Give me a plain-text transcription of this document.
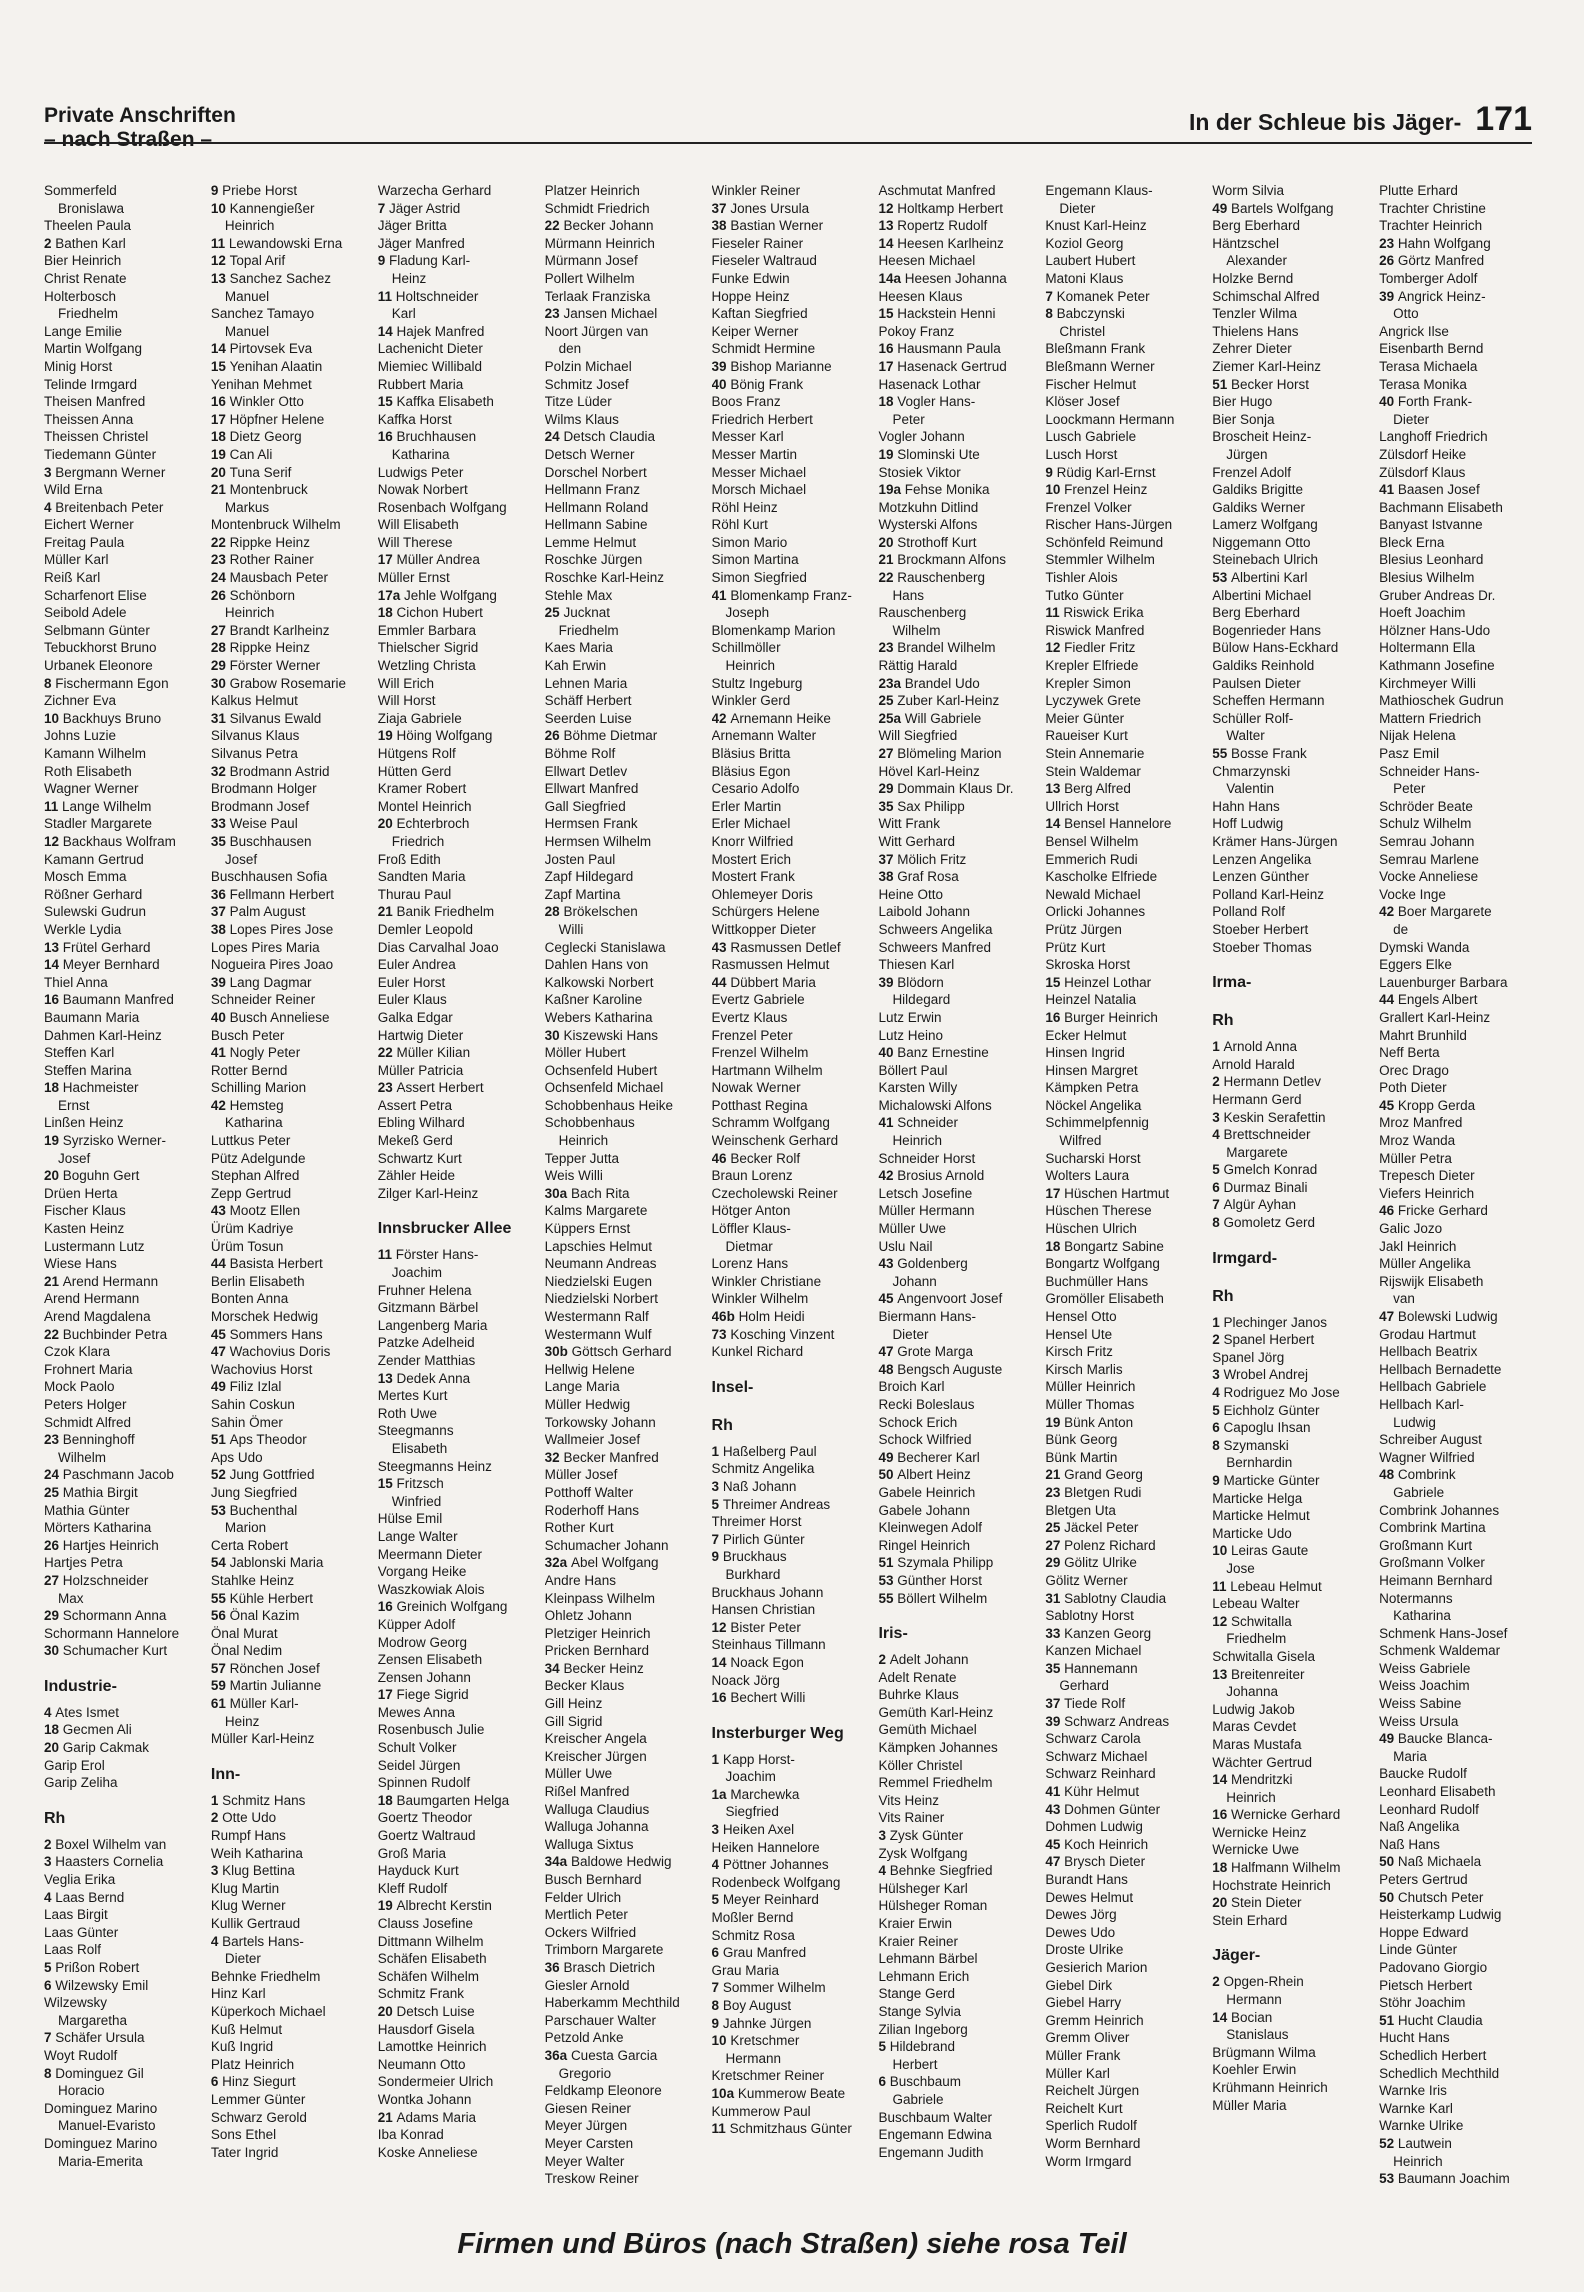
Private Anschriften
– nach Straßen –
In der Schleue bis Jäger- 171
Sommerfeld
Bronislawa
Theelen Paula
2 Bathen Karl
Bier Heinrich
Christ Renate
Holterbosch
Friedhelm
Lange Emilie
Martin Wolfgang
Minig Horst
Telinde Irmgard
Theisen Manfred
Theissen Anna
Theissen Christel
Tiedemann Günter
3 Bergmann Werner
Wild Erna
4 Breitenbach Peter
Eichert Werner
Freitag Paula
Müller Karl
Reiß Karl
Scharfenort Elise
Seibold Adele
Selbmann Günter
Tebuckhorst Bruno
Urbanek Eleonore
8 Fischermann Egon
Zichner Eva
10 Backhuys Bruno
Johns Luzie
Kamann Wilhelm
Roth Elisabeth
Wagner Werner
11 Lange Wilhelm
Stadler Margarete
12 Backhaus Wolfram
Kamann Gertrud
Mosch Emma
Rößner Gerhard
Sulewski Gudrun
Werkle Lydia
13 Frütel Gerhard
14 Meyer Bernhard
Thiel Anna
16 Baumann Manfred
Baumann Maria
Dahmen Karl-Heinz
Steffen Karl
Steffen Marina
18 Hachmeister
Ernst
Linßen Heinz
19 Syrzisko Werner-
Josef
20 Boguhn Gert
Drüen Herta
Fischer Klaus
Kasten Heinz
Lustermann Lutz
Wiese Hans
21 Arend Hermann
Arend Hermann
Arend Magdalena
22 Buchbinder Petra
Czok Klara
Frohnert Maria
Mock Paolo
Peters Holger
Schmidt Alfred
23 Benninghoff
Wilhelm
24 Paschmann Jacob
25 Mathia Birgit
Mathia Günter
Mörters Katharina
26 Hartjes Heinrich
Hartjes Petra
27 Holzschneider
Max
29 Schormann Anna
Schormann Hannelore
30 Schumacher Kurt
Industrie-
4 Ates Ismet
18 Gecmen Ali
20 Garip Cakmak
Garip Erol
Garip Zeliha
Rh
2 Boxel Wilhelm van
3 Haasters Cornelia
Veglia Erika
4 Laas Bernd
Laas Birgit
Laas Günter
Laas Rolf
5 Prißon Robert
6 Wilzewsky Emil
Wilzewsky
Margaretha
7 Schäfer Ursula
Woyt Rudolf
8 Dominguez Gil
Horacio
Dominguez Marino
Manuel-Evaristo
Dominguez Marino
Maria-Emerita
9 Priebe Horst
10 Kannengießer
Heinrich
11 Lewandowski Erna
12 Topal Arif
13 Sanchez Sachez
Manuel
Sanchez Tamayo
Manuel
14 Pirtovsek Eva
15 Yenihan Alaatin
Yenihan Mehmet
16 Winkler Otto
17 Höpfner Helene
18 Dietz Georg
19 Can Ali
20 Tuna Serif
21 Montenbruck
Markus
Montenbruck Wilhelm
22 Rippke Heinz
23 Rother Rainer
24 Mausbach Peter
26 Schönborn
Heinrich
27 Brandt Karlheinz
28 Rippke Heinz
29 Förster Werner
30 Grabow Rosemarie
Kalkus Helmut
31 Silvanus Ewald
Silvanus Klaus
Silvanus Petra
32 Brodmann Astrid
Brodmann Holger
Brodmann Josef
33 Weise Paul
35 Buschhausen
Josef
Buschhausen Sofia
36 Fellmann Herbert
37 Palm August
38 Lopes Pires Jose
Lopes Pires Maria
Nogueira Pires Joao
39 Lang Dagmar
Schneider Reiner
40 Busch Anneliese
Busch Peter
41 Nogly Peter
Rotter Bernd
Schilling Marion
42 Hemsteg
Katharina
Luttkus Peter
Pütz Adelgunde
Stephan Alfred
Zepp Gertrud
43 Mootz Ellen
Ürüm Kadriye
Ürüm Tosun
44 Basista Herbert
Berlin Elisabeth
Bonten Anna
Morschek Hedwig
45 Sommers Hans
47 Wachovius Doris
Wachovius Horst
49 Filiz Izlal
Sahin Coskun
Sahin Ömer
51 Aps Theodor
Aps Udo
52 Jung Gottfried
Jung Siegfried
53 Buchenthal
Marion
Certa Robert
54 Jablonski Maria
Stahlke Heinz
55 Kühle Herbert
56 Önal Kazim
Önal Murat
Önal Nedim
57 Rönchen Josef
59 Martin Julianne
61 Müller Karl-
Heinz
Müller Karl-Heinz
Inn-
1 Schmitz Hans
2 Otte Udo
Rumpf Hans
Weih Katharina
3 Klug Bettina
Klug Martin
Klug Werner
Kullik Gertraud
4 Bartels Hans-
Dieter
Behnke Friedhelm
Hinz Karl
Küperkoch Michael
Kuß Helmut
Kuß Ingrid
Platz Heinrich
6 Hinz Siegurt
Lemmer Günter
Schwarz Gerold
Sons Ethel
Tater Ingrid
Warzecha Gerhard
7 Jäger Astrid
Jäger Britta
Jäger Manfred
9 Fladung Karl-
Heinz
11 Holtschneider
Karl
14 Hajek Manfred
Lachenicht Dieter
Miemiec Willibald
Rubbert Maria
15 Kaffka Elisabeth
Kaffka Horst
16 Bruchhausen
Katharina
Ludwigs Peter
Nowak Norbert
Rosenbach Wolfgang
Will Elisabeth
Will Therese
17 Müller Andrea
Müller Ernst
17a Jehle Wolfgang
18 Cichon Hubert
Emmler Barbara
Thielscher Sigrid
Wetzling Christa
Will Erich
Will Horst
Ziaja Gabriele
19 Höing Wolfgang
Hütgens Rolf
Hütten Gerd
Kramer Robert
Montel Heinrich
20 Echterbroch
Friedrich
Froß Edith
Sandten Maria
Thurau Paul
21 Banik Friedhelm
Demler Leopold
Dias Carvalhal Joao
Euler Andrea
Euler Horst
Euler Klaus
Galka Edgar
Hartwig Dieter
22 Müller Kilian
Müller Patricia
23 Assert Herbert
Assert Petra
Ebling Wilhard
Mekeß Gerd
Schwartz Kurt
Zähler Heide
Zilger Karl-Heinz
Innsbrucker Allee
11 Förster Hans-
Joachim
Fruhner Helena
Gitzmann Bärbel
Langenberg Maria
Patzke Adelheid
Zender Matthias
13 Dedek Anna
Mertes Kurt
Roth Uwe
Steegmanns
Elisabeth
Steegmanns Heinz
15 Fritzsch
Winfried
Hülse Emil
Lange Walter
Meermann Dieter
Vorgang Heike
Waszkowiak Alois
16 Greinich Wolfgang
Küpper Adolf
Modrow Georg
Zensen Elisabeth
Zensen Johann
17 Fiege Sigrid
Mewes Anna
Rosenbusch Julie
Schult Volker
Seidel Jürgen
Spinnen Rudolf
18 Baumgarten Helga
Goertz Theodor
Goertz Waltraud
Groß Maria
Hayduck Kurt
Kleff Rudolf
19 Albrecht Kerstin
Clauss Josefine
Dittmann Wilhelm
Schäfen Elisabeth
Schäfen Wilhelm
Schmitz Frank
20 Detsch Luise
Hausdorf Gisela
Lamottke Heinrich
Neumann Otto
Sondermeier Ulrich
Wontka Johann
21 Adams Maria
Iba Konrad
Koske Anneliese
Platzer Heinrich
Schmidt Friedrich
22 Becker Johann
Mürmann Heinrich
Mürmann Josef
Pollert Wilhelm
Terlaak Franziska
23 Jansen Michael
Noort Jürgen van
den
Polzin Michael
Schmitz Josef
Titze Lüder
Wilms Klaus
24 Detsch Claudia
Detsch Werner
Dorschel Norbert
Hellmann Franz
Hellmann Roland
Hellmann Sabine
Lemme Helmut
Roschke Jürgen
Roschke Karl-Heinz
Stehle Max
25 Jucknat
Friedhelm
Kaes Maria
Kah Erwin
Lehnen Maria
Schäff Herbert
Seerden Luise
26 Böhme Dietmar
Böhme Rolf
Ellwart Detlev
Ellwart Manfred
Gall Siegfried
Hermsen Frank
Hermsen Wilhelm
Josten Paul
Zapf Hildegard
Zapf Martina
28 Brökelschen
Willi
Ceglecki Stanislawa
Dahlen Hans von
Kalkowski Norbert
Kaßner Karoline
Webers Katharina
30 Kiszewski Hans
Möller Hubert
Ochsenfeld Hubert
Ochsenfeld Michael
Schobbenhaus Heike
Schobbenhaus
Heinrich
Tepper Jutta
Weis Willi
30a Bach Rita
Kalms Margarete
Küppers Ernst
Lapschies Helmut
Neumann Andreas
Niedzielski Eugen
Niedzielski Norbert
Westermann Ralf
Westermann Wulf
30b Göttsch Gerhard
Hellwig Helene
Lange Maria
Müller Hedwig
Torkowsky Johann
Wallmeier Josef
32 Becker Manfred
Müller Josef
Potthoff Walter
Roderhoff Hans
Rother Kurt
Schumacher Johann
32a Abel Wolfgang
Andre Hans
Kleinpass Wilhelm
Ohletz Johann
Pletziger Heinrich
Pricken Bernhard
34 Becker Heinz
Becker Klaus
Gill Heinz
Gill Sigrid
Kreischer Angela
Kreischer Jürgen
Müller Uwe
Rißel Manfred
Walluga Claudius
Walluga Johanna
Walluga Sixtus
34a Baldowe Hedwig
Busch Bernhard
Felder Ulrich
Mertlich Peter
Ockers Wilfried
Trimborn Margarete
36 Brasch Dietrich
Giesler Arnold
Haberkamm Mechthild
Parschauer Walter
Petzold Anke
36a Cuesta Garcia
Gregorio
Feldkamp Eleonore
Giesen Reiner
Meyer Jürgen
Meyer Carsten
Meyer Walter
Treskow Reiner
Winkler Reiner
37 Jones Ursula
38 Bastian Werner
Fieseler Rainer
Fieseler Waltraud
Funke Edwin
Hoppe Heinz
Kaftan Siegfried
Keiper Werner
Schmidt Hermine
39 Bishop Marianne
40 Bönig Frank
Boos Franz
Friedrich Herbert
Messer Karl
Messer Martin
Messer Michael
Morsch Michael
Röhl Heinz
Röhl Kurt
Simon Mario
Simon Martina
Simon Siegfried
41 Blomenkamp Franz-
Joseph
Blomenkamp Marion
Schillmöller
Heinrich
Stultz Ingeburg
Winkler Gerd
42 Arnemann Heike
Arnemann Walter
Bläsius Britta
Bläsius Egon
Cesario Adolfo
Erler Martin
Erler Michael
Knorr Wilfried
Mostert Erich
Mostert Frank
Ohlemeyer Doris
Schürgers Helene
Wittkopper Dieter
43 Rasmussen Detlef
Rasmussen Helmut
44 Dübbert Maria
Evertz Gabriele
Evertz Klaus
Frenzel Peter
Frenzel Wilhelm
Hartmann Wilhelm
Nowak Werner
Potthast Regina
Schramm Wolfgang
Weinschenk Gerhard
46 Becker Rolf
Braun Lorenz
Czecholewski Reiner
Hötger Anton
Löffler Klaus-
Dietmar
Lorenz Hans
Winkler Christiane
Winkler Wilhelm
46b Holm Heidi
73 Kosching Vinzent
Kunkel Richard
Insel-
Rh
1 Haßelberg Paul
Schmitz Angelika
3 Naß Johann
5 Threimer Andreas
Threimer Horst
7 Pirlich Günter
9 Bruckhaus
Burkhard
Bruckhaus Johann
Hansen Christian
12 Bister Peter
Steinhaus Tillmann
14 Noack Egon
Noack Jörg
16 Bechert Willi
Insterburger Weg
1 Kapp Horst-
Joachim
1a Marchewka
Siegfried
3 Heiken Axel
Heiken Hannelore
4 Pöttner Johannes
Rodenbeck Wolfgang
5 Meyer Reinhard
Moßler Bernd
Schmitz Rosa
6 Grau Manfred
Grau Maria
7 Sommer Wilhelm
8 Boy August
9 Jahnke Jürgen
10 Kretschmer
Hermann
Kretschmer Reiner
10a Kummerow Beate
Kummerow Paul
11 Schmitzhaus Günter
Aschmutat Manfred
12 Holtkamp Herbert
13 Ropertz Rudolf
14 Heesen Karlheinz
Heesen Michael
14a Heesen Johanna
Heesen Klaus
15 Hackstein Henni
Pokoy Franz
16 Hausmann Paula
17 Hasenack Gertrud
Hasenack Lothar
18 Vogler Hans-
Peter
Vogler Johann
19 Slominski Ute
Stosiek Viktor
19a Fehse Monika
Motzkuhn Ditlind
Wysterski Alfons
20 Strothoff Kurt
21 Brockmann Alfons
22 Rauschenberg
Hans
Rauschenberg
Wilhelm
23 Brandel Wilhelm
Rättig Harald
23a Brandel Udo
25 Zuber Karl-Heinz
25a Will Gabriele
Will Siegfried
27 Blömeling Marion
Hövel Karl-Heinz
29 Dommain Klaus Dr.
35 Sax Philipp
Witt Frank
Witt Gerhard
37 Mölich Fritz
38 Graf Rosa
Heine Otto
Laibold Johann
Schweers Angelika
Schweers Manfred
Thiesen Karl
39 Blödorn
Hildegard
Lutz Erwin
Lutz Heino
40 Banz Ernestine
Böllert Paul
Karsten Willy
Michalowski Alfons
41 Schneider
Heinrich
Schneider Horst
42 Brosius Arnold
Letsch Josefine
Müller Hermann
Müller Uwe
Uslu Nail
43 Goldenberg
Johann
45 Angenvoort Josef
Biermann Hans-
Dieter
47 Grote Marga
48 Bengsch Auguste
Broich Karl
Recki Boleslaus
Schock Erich
Schock Wilfried
49 Becherer Karl
50 Albert Heinz
Gabele Heinrich
Gabele Johann
Kleinwegen Adolf
Ringel Heinrich
51 Szymala Philipp
53 Günther Horst
55 Böllert Wilhelm
Iris-
2 Adelt Johann
Adelt Renate
Buhrke Klaus
Gemüth Karl-Heinz
Gemüth Michael
Kämpken Johannes
Köller Christel
Remmel Friedhelm
Vits Heinz
Vits Rainer
3 Zysk Günter
Zysk Wolfgang
4 Behnke Siegfried
Hülsheger Karl
Hülsheger Roman
Kraier Erwin
Kraier Reiner
Lehmann Bärbel
Lehmann Erich
Stange Gerd
Stange Sylvia
Zilian Ingeborg
5 Hildebrand
Herbert
6 Buschbaum
Gabriele
Buschbaum Walter
Engemann Edwina
Engemann Judith
Engemann Klaus-
Dieter
Knust Karl-Heinz
Koziol Georg
Laubert Hubert
Matoni Klaus
7 Komanek Peter
8 Babczynski
Christel
Bleßmann Frank
Bleßmann Werner
Fischer Helmut
Klöser Josef
Loockmann Hermann
Lusch Gabriele
Lusch Horst
9 Rüdig Karl-Ernst
10 Frenzel Heinz
Frenzel Volker
Rischer Hans-Jürgen
Schönfeld Reimund
Stemmler Wilhelm
Tishler Alois
Tutko Günter
11 Riswick Erika
Riswick Manfred
12 Fiedler Fritz
Krepler Elfriede
Krepler Simon
Lyczywek Grete
Meier Günter
Raueiser Kurt
Stein Annemarie
Stein Waldemar
13 Berg Alfred
Ullrich Horst
14 Bensel Hannelore
Bensel Wilhelm
Emmerich Rudi
Kascholke Elfriede
Newald Michael
Orlicki Johannes
Prütz Jürgen
Prütz Kurt
Skroska Horst
15 Heinzel Lothar
Heinzel Natalia
16 Burger Heinrich
Ecker Helmut
Hinsen Ingrid
Hinsen Margret
Kämpken Petra
Nöckel Angelika
Schimmelpfennig
Wilfred
Sucharski Horst
Wolters Laura
17 Hüschen Hartmut
Hüschen Therese
Hüschen Ulrich
18 Bongartz Sabine
Bongartz Wolfgang
Buchmüller Hans
Gromöller Elisabeth
Hensel Otto
Hensel Ute
Kirsch Fritz
Kirsch Marlis
Müller Heinrich
Müller Thomas
19 Bünk Anton
Bünk Georg
Bünk Martin
21 Grand Georg
23 Bletgen Rudi
Bletgen Uta
25 Jäckel Peter
27 Polenz Richard
29 Gölitz Ulrike
Gölitz Werner
31 Sablotny Claudia
Sablotny Horst
33 Kanzen Georg
Kanzen Michael
35 Hannemann
Gerhard
37 Tiede Rolf
39 Schwarz Andreas
Schwarz Carola
Schwarz Michael
Schwarz Reinhard
41 Kühr Helmut
43 Dohmen Günter
Dohmen Ludwig
45 Koch Heinrich
47 Brysch Dieter
Burandt Hans
Dewes Helmut
Dewes Jörg
Dewes Udo
Droste Ulrike
Gesierich Marion
Giebel Dirk
Giebel Harry
Gremm Heinrich
Gremm Oliver
Müller Frank
Müller Karl
Reichelt Jürgen
Reichelt Kurt
Sperlich Rudolf
Worm Bernhard
Worm Irmgard
Worm Silvia
49 Bartels Wolfgang
Berg Eberhard
Häntzschel
Alexander
Holzke Bernd
Schimschal Alfred
Tenzler Wilma
Thielens Hans
Zehrer Dieter
Ziemer Karl-Heinz
51 Becker Horst
Bier Hugo
Bier Sonja
Broscheit Heinz-
Jürgen
Frenzel Adolf
Galdiks Brigitte
Galdiks Werner
Lamerz Wolfgang
Niggemann Otto
Steinebach Ulrich
53 Albertini Karl
Albertini Michael
Berg Eberhard
Bogenrieder Hans
Bülow Hans-Eckhard
Galdiks Reinhold
Paulsen Dieter
Scheffen Hermann
Schüller Rolf-
Walter
55 Bosse Frank
Chmarzynski
Valentin
Hahn Hans
Hoff Ludwig
Krämer Hans-Jürgen
Lenzen Angelika
Lenzen Günther
Polland Karl-Heinz
Polland Rolf
Stoeber Herbert
Stoeber Thomas
Irma-
Rh
1 Arnold Anna
Arnold Harald
2 Hermann Detlev
Hermann Gerd
3 Keskin Serafettin
4 Brettschneider
Margarete
5 Gmelch Konrad
6 Durmaz Binali
7 Algür Ayhan
8 Gomoletz Gerd
Irmgard-
Rh
1 Plechinger Janos
2 Spanel Herbert
Spanel Jörg
3 Wrobel Andrej
4 Rodriguez Mo Jose
5 Eichholz Günter
6 Capoglu Ihsan
8 Szymanski
Bernhardin
9 Marticke Günter
Marticke Helga
Marticke Helmut
Marticke Udo
10 Leiras Gaute
Jose
11 Lebeau Helmut
Lebeau Walter
12 Schwitalla
Friedhelm
Schwitalla Gisela
13 Breitenreiter
Johanna
Ludwig Jakob
Maras Cevdet
Maras Mustafa
Wächter Gertrud
14 Mendritzki
Heinrich
16 Wernicke Gerhard
Wernicke Heinz
Wernicke Uwe
18 Halfmann Wilhelm
Hochstrate Heinrich
20 Stein Dieter
Stein Erhard
Jäger-
2 Opgen-Rhein
Hermann
14 Bocian
Stanislaus
Brügmann Wilma
Koehler Erwin
Krühmann Heinrich
Müller Maria
Plutte Erhard
Trachter Christine
Trachter Heinrich
23 Hahn Wolfgang
26 Görtz Manfred
Tomberger Adolf
39 Angrick Heinz-
Otto
Angrick Ilse
Eisenbarth Bernd
Terasa Michaela
Terasa Monika
40 Forth Frank-
Dieter
Langhoff Friedrich
Zülsdorf Heike
Zülsdorf Klaus
41 Baasen Josef
Bachmann Elisabeth
Banyast Istvanne
Bleck Erna
Blesius Leonhard
Blesius Wilhelm
Gruber Andreas Dr.
Hoeft Joachim
Hölzner Hans-Udo
Holtermann Ella
Kathmann Josefine
Kirchmeyer Willi
Mathioschek Gudrun
Mattern Friedrich
Nijak Helena
Pasz Emil
Schneider Hans-
Peter
Schröder Beate
Schulz Wilhelm
Semrau Johann
Semrau Marlene
Vocke Anneliese
Vocke Inge
42 Boer Margarete
de
Dymski Wanda
Eggers Elke
Lauenburger Barbara
44 Engels Albert
Grallert Karl-Heinz
Mahrt Brunhild
Neff Berta
Orec Drago
Poth Dieter
45 Kropp Gerda
Mroz Manfred
Mroz Wanda
Müller Petra
Trepesch Dieter
Viefers Heinrich
46 Fricke Gerhard
Galic Jozo
Jakl Heinrich
Müller Angelika
Rijswijk Elisabeth
van
47 Bolewski Ludwig
Grodau Hartmut
Hellbach Beatrix
Hellbach Bernadette
Hellbach Gabriele
Hellbach Karl-
Ludwig
Schreiber August
Wagner Wilfried
48 Combrink
Gabriele
Combrink Johannes
Combrink Martina
Großmann Kurt
Großmann Volker
Heimann Bernhard
Notermanns
Katharina
Schmenk Hans-Josef
Schmenk Waldemar
Weiss Gabriele
Weiss Joachim
Weiss Sabine
Weiss Ursula
49 Baucke Blanca-
Maria
Baucke Rudolf
Leonhard Elisabeth
Leonhard Rudolf
Naß Angelika
Naß Hans
50 Naß Michaela
Peters Gertrud
50 Chutsch Peter
Heisterkamp Ludwig
Hoppe Edward
Linde Günter
Padovano Giorgio
Pietsch Herbert
Stöhr Joachim
51 Hucht Claudia
Hucht Hans
Schedlich Herbert
Schedlich Mechthild
Warnke Iris
Warnke Karl
Warnke Ulrike
52 Lautwein
Heinrich
53 Baumann Joachim
Firmen und Büros (nach Straßen) siehe rosa Teil
